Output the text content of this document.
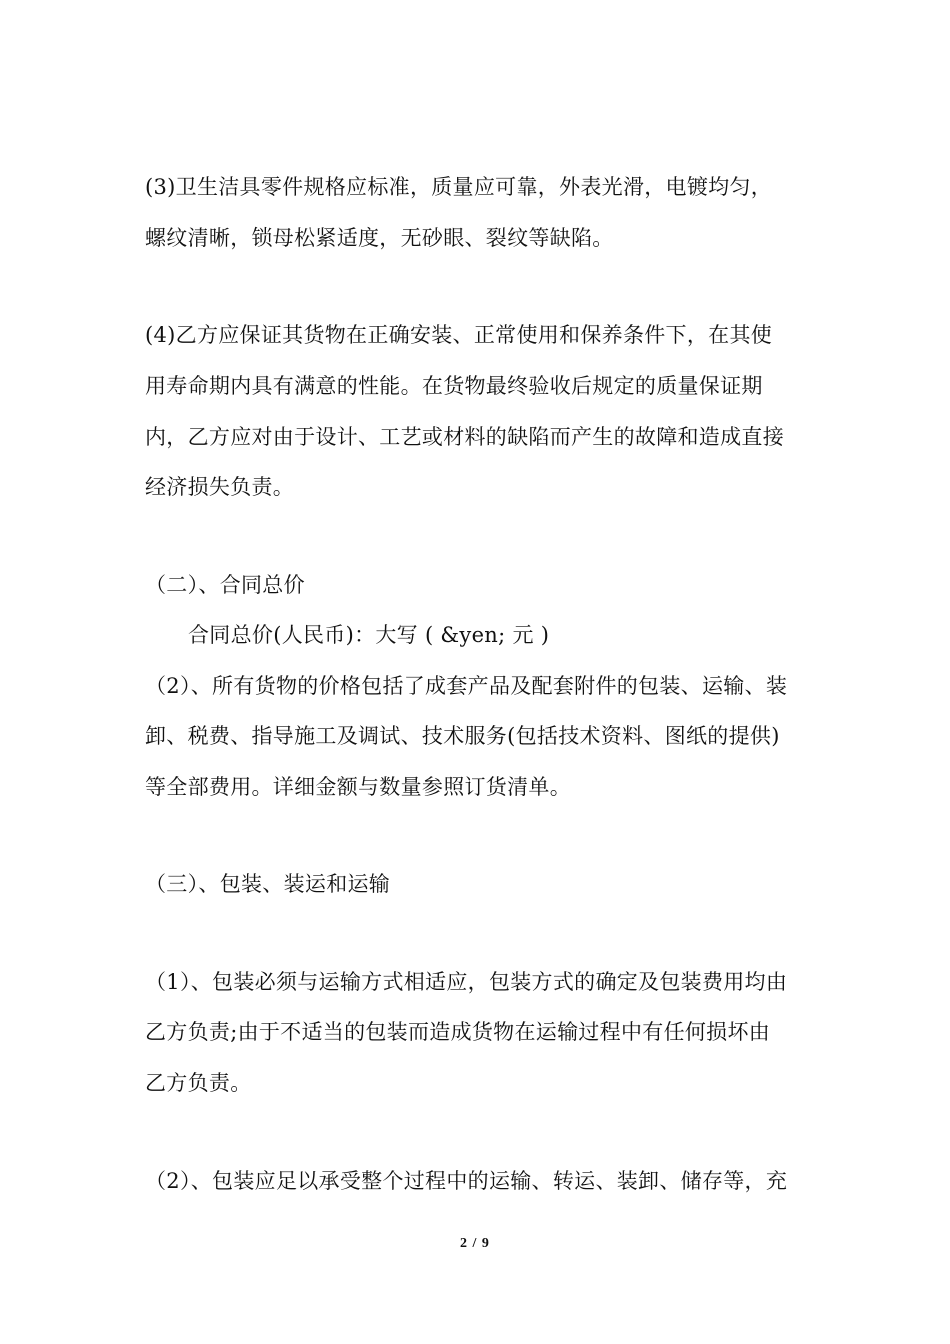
(3)卫生洁具零件规格应标准，质量应可靠，外表光滑，电镀均匀，
螺纹清晰，锁母松紧适度，无砂眼、裂纹等缺陷。
(4)乙方应保证其货物在正确安装、正常使用和保养条件下，在其使
用寿命期内具有满意的性能。在货物最终验收后规定的质量保证期
内，乙方应对由于设计、工艺或材料的缺陷而产生的故障和造成直接
经济损失负责。
（二）、合同总价
合同总价(人民币)：大写 ( &yen; 元 )
（2）、所有货物的价格包括了成套产品及配套附件的包装、运输、装
卸、税费、指导施工及调试、技术服务(包括技术资料、图纸的提供)
等全部费用。详细金额与数量参照订货清单。
（三）、包装、装运和运输
（1）、包装必须与运输方式相适应，包装方式的确定及包装费用均由
乙方负责;由于不适当的包装而造成货物在运输过程中有任何损坏由
乙方负责。
（2）、包装应足以承受整个过程中的运输、转运、装卸、储存等，充
2 / 9
